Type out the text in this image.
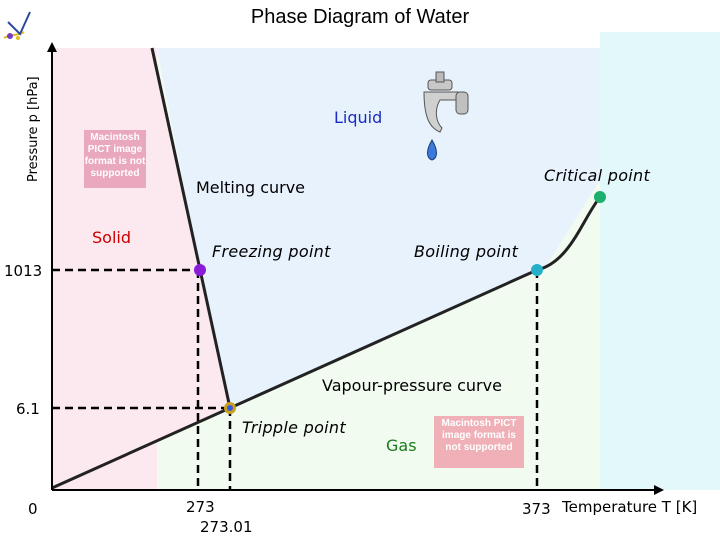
Macintosh PICT image format is not supported
Macintosh PICT image format is not supported
Phase Diagram of Water
Pressure p [hPa]
1013
6.1
0	273
273.01
373 Temperature T [K]
Liquid
Solid
Gas
Melting curve
Vapour-pressure curve
Freezing point	Boiling point
Tripple point
Critical point
